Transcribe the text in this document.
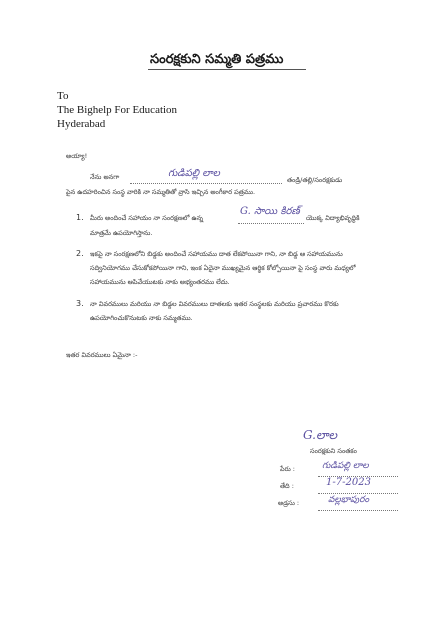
సంరక్షకుని సమ్మతి పత్రము
To
The Bighelp For Education
Hyderabad
అయ్యా!
నేను అనగా	గుడిపల్లి లాల
తండ్రి/తల్లి/సంరక్షకుడు
పైన ఉదహరించిన సంస్థ వారికి నా సమ్మతితో వ్రాసి ఇచ్చిన అంగీకార పత్రము.
1. మీరు అందించే సహాయం నా సంరక్షణలో ఉన్న
G. సాయి కిరణ్
యొక్క విద్యాభివృద్ధికి
మాత్రమే ఉపయోగిస్తాను.
2. ఇకపై నా సంరక్షణలోని బిడ్డకు అందించే సహాయము దాత లేకపోయినా గాని, నా బిడ్డ ఆ సహాయమును
సద్వినియోగము చేసుకోకపోయినా గాని, ఇంక ఏదైనా ముఖ్యమైన ఆర్థిక కోల్పోయినా పై సంస్థ వారు మధ్యలో
సహాయమును ఆపివేయుటకు నాకు అభ్యంతరము లేదు.
3. నా వివరములు మరియు నా బిడ్డల వివరములు దాతలకు ఇతర సంస్థలకు మరియు ప్రచారము కొరకు
ఉపయోగించుకొనుటకు నాకు సమ్మతము.
ఇతర వివరములు ఏమైనా :-
G.లాల
సంరక్షకుని సంతకం
పేరు :	గుడిపల్లి లాల
తేది :	1-7-2023
అడ్రసు :	వల్లభాపురం
